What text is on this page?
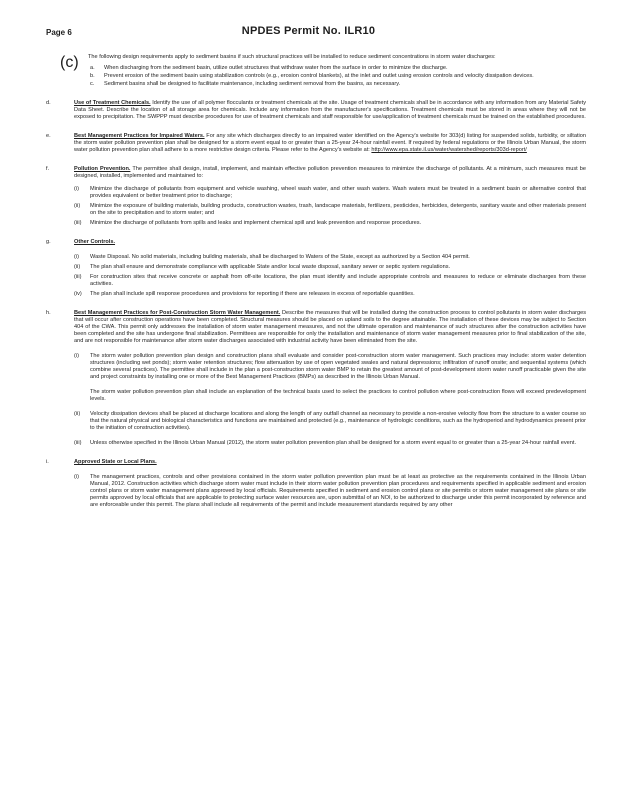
Page 6	NPDES Permit No. ILR10
(c) The following design requirements apply to sediment basins if such structural practices will be installed to reduce sediment concentrations in storm water discharges:
a. When discharging from the sediment basin, utilize outlet structures that withdraw water from the surface in order to minimize the discharge.
b. Prevent erosion of the sediment basin using stabilization controls (e.g., erosion control blankets), at the inlet and outlet using erosion controls and velocity dissipation devices.
c. Sediment basins shall be designed to facilitate maintenance, including sediment removal from the basins, as necessary.
d.	Use of Treatment Chemicals. Identify the use of all polymer flocculants or treatment chemicals at the site. Usage of treatment chemicals shall be in accordance with any information from any Material Safety Data Sheet. Describe the location of all storage area for chemicals. Include any information from the manufacturer's specifications. Treatment chemicals must be stored in areas where they will not be exposed to precipitation. The SWPPP must describe procedures for use of treatment chemicals and staff responsible for use/application of treatment chemicals must be trained on the established procedures.
e.	Best Management Practices for Impaired Waters. For any site which discharges directly to an impaired water identified on the Agency's website for 303(d) listing for suspended solids, turbidity, or siltation the storm water pollution prevention plan shall be designed for a storm event equal to or greater than a 25-year 24-hour rainfall event. If required by federal regulations or the Illinois Urban Manual, the storm water pollution prevention plan shall adhere to a more restrictive design criteria. Please refer to the Agency's website at: http://www.epa.state.il.us/water/watershed/reports/303d-report/
f.	Pollution Prevention. The permittee shall design, install, implement, and maintain effective pollution prevention measures to minimize the discharge of pollutants. At a minimum, such measures must be designed, installed, implemented and maintained to:
(i)	Minimize the discharge of pollutants from equipment and vehicle washing, wheel wash water, and other wash waters. Wash waters must be treated in a sediment basin or alternative control that provides equivalent or better treatment prior to discharge;
(ii)	Minimize the exposure of building materials, building products, construction wastes, trash, landscape materials, fertilizers, pesticides, herbicides, detergents, sanitary waste and other materials present on the site to precipitation and to storm water; and
(iii)	Minimize the discharge of pollutants from spills and leaks and implement chemical spill and leak prevention and response procedures.
g.	Other Controls.
(i)	Waste Disposal. No solid materials, including building materials, shall be discharged to Waters of the State, except as authorized by a Section 404 permit.
(ii)	The plan shall ensure and demonstrate compliance with applicable State and/or local waste disposal, sanitary sewer or septic system regulations.
(iii)	For construction sites that receive concrete or asphalt from off-site locations, the plan must identify and include appropriate controls and measures to reduce or eliminate discharges from these activities.
(iv)	The plan shall include spill response procedures and provisions for reporting if there are releases in excess of reportable quantities.
h.	Best Management Practices for Post-Construction Storm Water Management. Describe the measures that will be installed during the construction process to control pollutants in storm water discharges that will occur after construction operations have been completed. Structural measures should be placed on upland soils to the degree attainable. The installation of these devices may be subject to Section 404 of the CWA. This permit only addresses the installation of storm water management measures, and not the ultimate operation and maintenance of such structures after the construction activities have been completed and the site has undergone final stabilization. Permittees are responsible for only the installation and maintenance of storm water management measures prior to final stabilization of the site, and are not responsible for maintenance after storm water discharges associated with industrial activity have been eliminated from the site.
(i)	The storm water pollution prevention plan design and construction plans shall evaluate and consider post-construction storm water management. Such practices may include: storm water detention structures (including wet ponds); storm water retention structures; flow attenuation by use of open vegetated swales and natural depressions; infiltration of runoff onsite; and sequential systems (which combine several practices). The permittee shall include in the plan a post-construction storm water BMP to retain the greatest amount of post-development storm water runoff practicable given the site and project constraints by installing one or more of the Best Management Practices (BMPs) as described in the Illinois Urban Manual.
The storm water pollution prevention plan shall include an explanation of the technical basis used to select the practices to control pollution where post-construction flows will exceed predevelopment levels.
(ii)	Velocity dissipation devices shall be placed at discharge locations and along the length of any outfall channel as necessary to provide a non-erosive velocity flow from the structure to a water course so that the natural physical and biological characteristics and functions are maintained and protected (e.g., maintenance of hydrologic conditions, such as the hydroperiod and hydrodynamics present prior to the initiation of construction activities).
(iii)	Unless otherwise specified in the Illinois Urban Manual (2012), the storm water pollution prevention plan shall be designed for a storm event equal to or greater than a 25-year 24-hour rainfall event.
i.	Approved State or Local Plans.
(i)	The management practices, controls and other provisions contained in the storm water pollution prevention plan must be at least as protective as the requirements contained in the Illinois Urban Manual, 2012. Construction activities which discharge storm water must include in their storm water pollution prevention plan procedures and requirements specified in applicable sediment and erosion control plans or storm water management plans approved by local officials. Requirements specified in sediment and erosion control plans or site permits or storm water management site plans or site permits approved by local officials that are applicable to protecting surface water resources are, upon submittal of an NOI, to be authorized to discharge under this permit incorporated by reference and are enforceable under this permit. The plans shall include all requirements of the permit and include measurement standards required by any other
